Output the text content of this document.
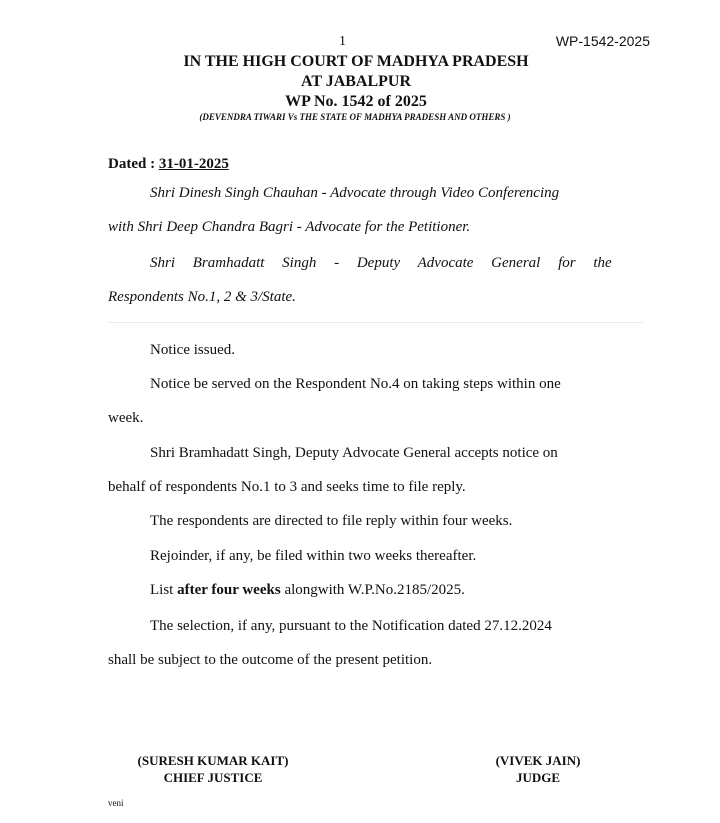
1	WP-1542-2025
IN THE HIGH COURT OF MADHYA PRADESH
AT JABALPUR
WP No. 1542 of 2025
(DEVENDRA TIWARI Vs THE STATE OF MADHYA PRADESH AND OTHERS )
Dated : 31-01-2025
Shri Dinesh Singh Chauhan - Advocate through Video Conferencing
with Shri Deep Chandra Bagri - Advocate for the Petitioner.
Shri Bramhadatt Singh - Deputy Advocate General for the
Respondents No.1, 2 & 3/State.
Notice issued.
Notice be served on the Respondent No.4 on taking steps within one
week.
Shri Bramhadatt Singh, Deputy Advocate General accepts notice on
behalf of respondents No.1 to 3 and seeks time to file reply.
The respondents are directed to file reply within four weeks.
Rejoinder, if any, be filed within two weeks thereafter.
List after four weeks alongwith W.P.No.2185/2025.
The selection, if any, pursuant to the Notification dated 27.12.2024
shall be subject to the outcome of the present petition.
(SURESH KUMAR KAIT)
CHIEF JUSTICE
(VIVEK JAIN)
JUDGE
veni
